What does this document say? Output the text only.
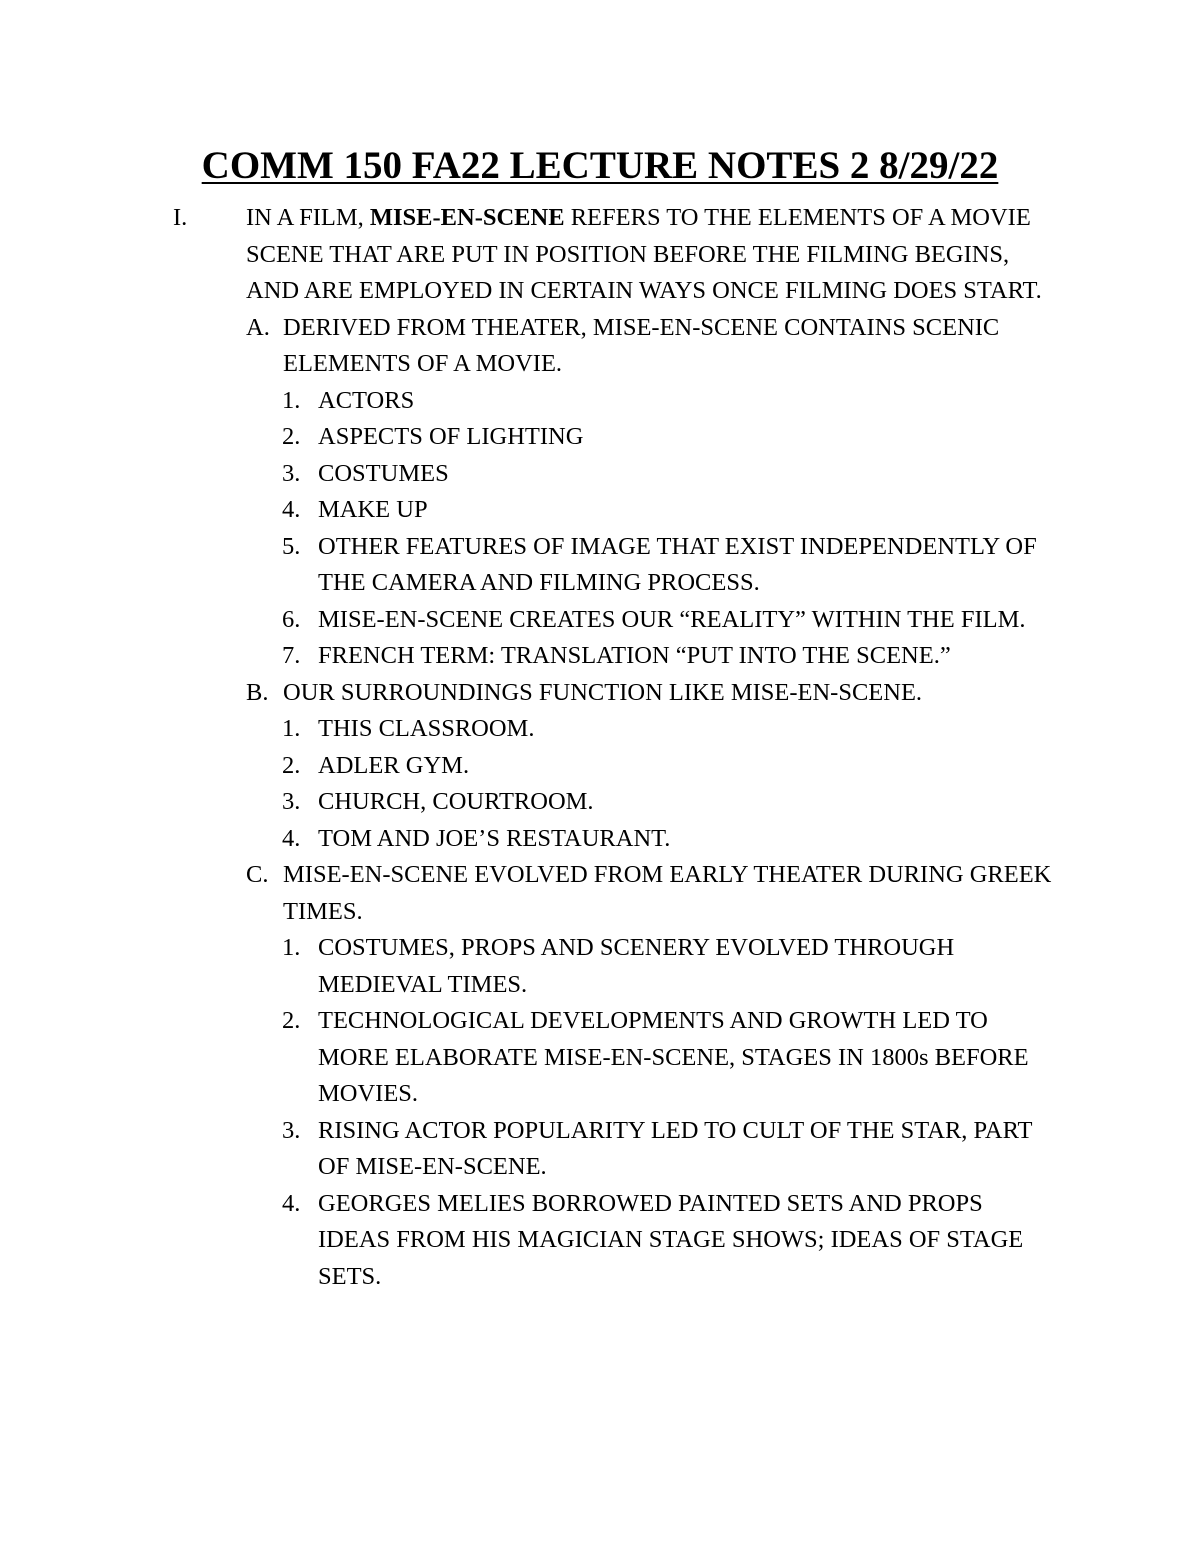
COMM 150 FA22 LECTURE NOTES 2 8/29/22
I. IN A FILM, MISE-EN-SCENE REFERS TO THE ELEMENTS OF A MOVIE SCENE THAT ARE PUT IN POSITION BEFORE THE FILMING BEGINS, AND ARE EMPLOYED IN CERTAIN WAYS ONCE FILMING DOES START.
A. DERIVED FROM THEATER, MISE-EN-SCENE CONTAINS SCENIC ELEMENTS OF A MOVIE.
1. ACTORS
2. ASPECTS OF LIGHTING
3. COSTUMES
4. MAKE UP
5. OTHER FEATURES OF IMAGE THAT EXIST INDEPENDENTLY OF THE CAMERA AND FILMING PROCESS.
6. MISE-EN-SCENE CREATES OUR “REALITY” WITHIN THE FILM.
7. FRENCH TERM: TRANSLATION “PUT INTO THE SCENE.”
B. OUR SURROUNDINGS FUNCTION LIKE MISE-EN-SCENE.
1. THIS CLASSROOM.
2. ADLER GYM.
3. CHURCH, COURTROOM.
4. TOM AND JOE’S RESTAURANT.
C. MISE-EN-SCENE EVOLVED FROM EARLY THEATER DURING GREEK TIMES.
1. COSTUMES, PROPS AND SCENERY EVOLVED THROUGH MEDIEVAL TIMES.
2. TECHNOLOGICAL DEVELOPMENTS AND GROWTH LED TO MORE ELABORATE MISE-EN-SCENE, STAGES IN 1800s BEFORE MOVIES.
3. RISING ACTOR POPULARITY LED TO CULT OF THE STAR, PART OF MISE-EN-SCENE.
4. GEORGES MELIES BORROWED PAINTED SETS AND PROPS IDEAS FROM HIS MAGICIAN STAGE SHOWS; IDEAS OF STAGE SETS.
